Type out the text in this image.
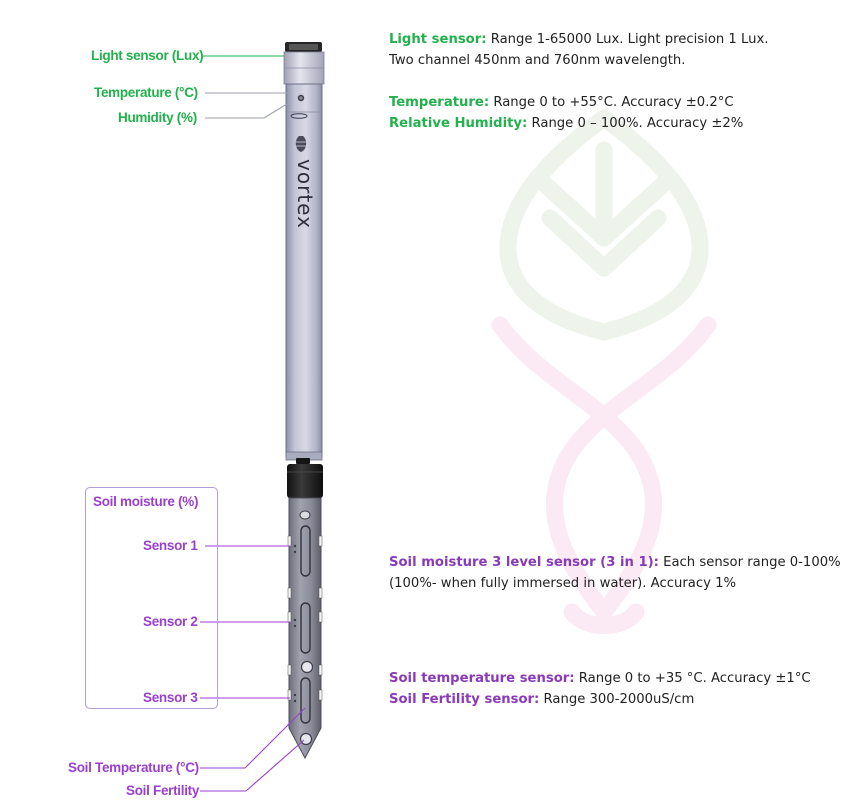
vortex
Light sensor (Lux)
Temperature (°C)
Humidity (%)
Soil moisture (%)
Sensor 1
Sensor 2
Sensor 3
Soil Temperature (°C)
Soil Fertility
Light sensor: Range 1-65000 Lux. Light precision 1 Lux.
Two channel 450nm and 760nm wavelength.
Temperature: Range 0 to +55°C. Accuracy ±0.2°C
Relative Humidity: Range 0 – 100%. Accuracy ±2%
Soil moisture 3 level sensor (3 in 1): Each sensor range 0-100%
(100%- when fully immersed in water). Accuracy 1%
Soil temperature sensor: Range 0 to +35 °C. Accuracy ±1°C
Soil Fertility sensor: Range 300-2000uS/cm
